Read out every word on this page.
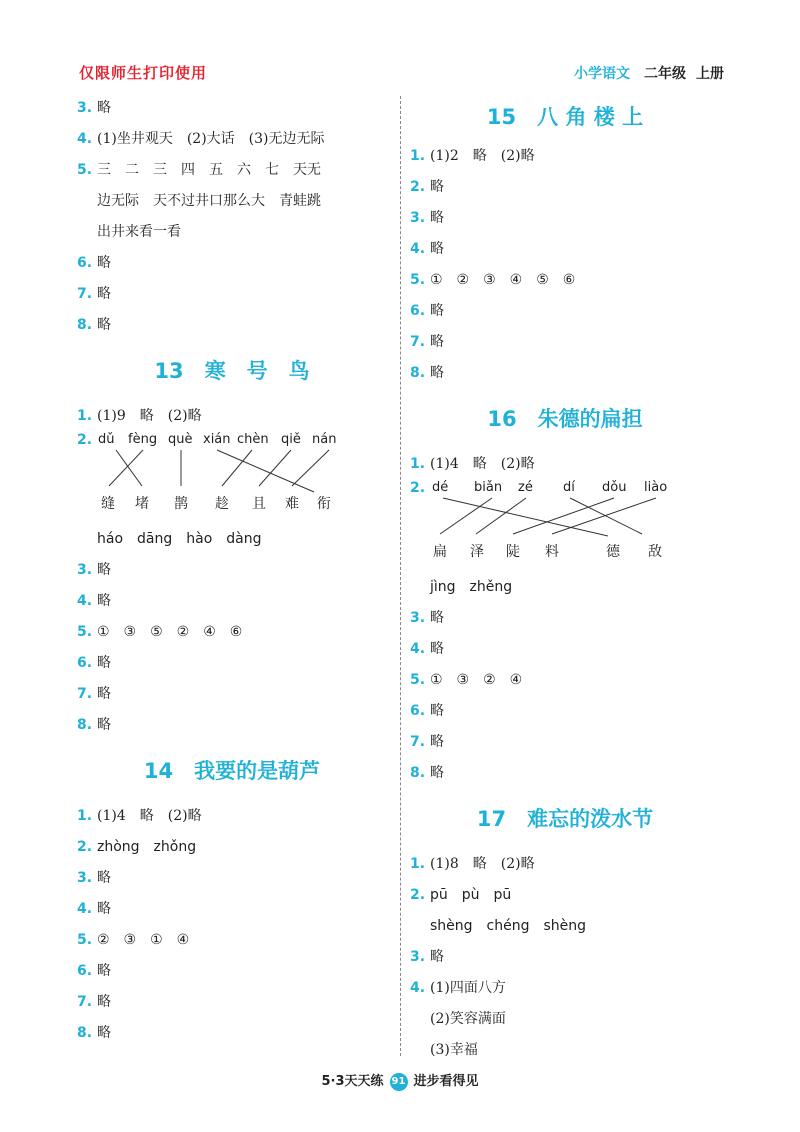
仅限师生打印使用	小学语文 二年级 上册
3. 略
4. (1)坐井观天　(2)大话　(3)无边无际
5. 三　二　三　四　五　六　七　天无
边无际　天不过井口那么大　青蛙跳
出井来看一看
6. 略
7. 略
8. 略
13　寒　号　鸟
1. (1)9　略　(2)略
2. dǔ fèng què xián chèn qiě nán
缝 堵 鹊 趁 且 难 衔
háo　dāng　hào　dàng
3. 略
4. 略
5. ①　③　⑤　②　④　⑥
6. 略
7. 略
8. 略
14　我要的是葫芦
1. (1)4　略　(2)略
2. zhòng　zhǒng
3. 略
4. 略
5. ②　③　①　④
6. 略
7. 略
8. 略
15　八 角 楼 上
1. (1)2　略　(2)略
2. 略
3. 略
4. 略
5. ①　②　③　④　⑤　⑥
6. 略
7. 略
8. 略
16　朱德的扁担
1. (1)4　略　(2)略
2. dé biǎn zé dí dǒu liào
扁 泽 陡 料	德 敌
jìng　zhěng
3. 略
4. 略
5. ①　③　②　④
6. 略
7. 略
8. 略
17　难忘的泼水节
1. (1)8　略　(2)略
2. pū　pù　pū
shèng　chéng　shèng
3. 略
4. (1)四面八方
(2)笑容满面
(3)幸福
5·3天天练 91 进步看得见
